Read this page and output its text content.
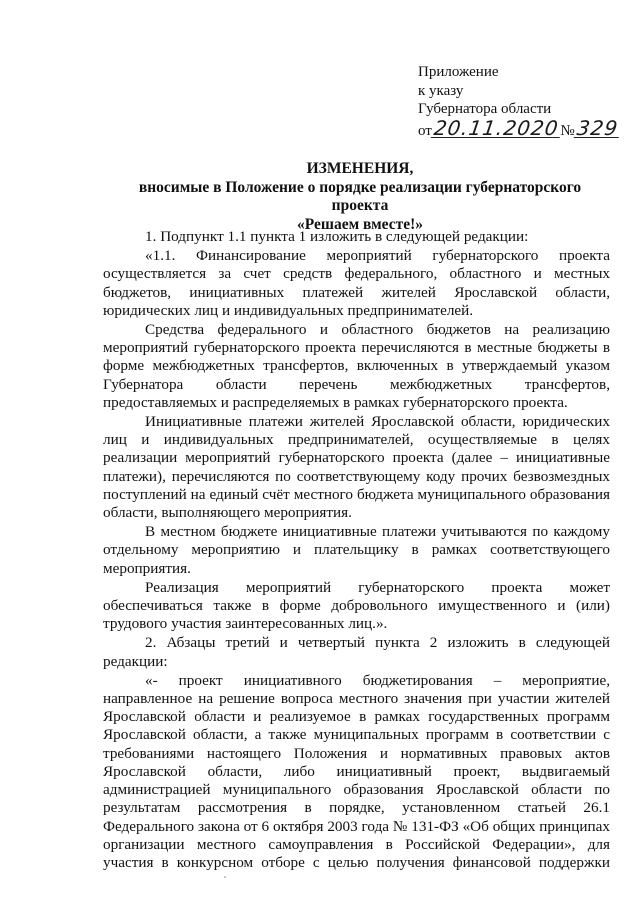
Приложение
к указу
Губернатора области
от20.11.2020№329
ИЗМЕНЕНИЯ,
вносимые в Положение о порядке реализации губернаторского проекта
«Решаем вместе!»

1. Подпункт 1.1 пункта 1 изложить в следующей редакции:

«1.1. Финансирование мероприятий губернаторского проекта осуществляется за счет средств федерального, областного и местных бюджетов, инициативных платежей жителей Ярославской области, юридических лиц и индивидуальных предпринимателей.

Средства федерального и областного бюджетов на реализацию мероприятий губернаторского проекта перечисляются в местные бюджеты в форме межбюджетных трансфертов, включенных в утверждаемый указом Губернатора области перечень межбюджетных трансфертов, предоставляемых и распределяемых в рамках губернаторского проекта.

Инициативные платежи жителей Ярославской области, юридических лиц и индивидуальных предпринимателей, осуществляемые в целях реализации мероприятий губернаторского проекта (далее – инициативные платежи), перечисляются по соответствующему коду прочих безвозмездных поступлений на единый счёт местного бюджета муниципального образования области, выполняющего мероприятия.

В местном бюджете инициативные платежи учитываются по каждому отдельному мероприятию и плательщику в рамках соответствующего мероприятия.

Реализация мероприятий губернаторского проекта может обеспечиваться также в форме добровольного имущественного и (или) трудового участия заинтересованных лиц.».

2. Абзацы третий и четвертый пункта 2 изложить в следующей редакции:

«- проект инициативного бюджетирования – мероприятие, направленное на решение вопроса местного значения при участии жителей Ярославской области и реализуемое в рамках государственных программ Ярославской области, а также муниципальных программ в соответствии с требованиями настоящего Положения и нормативных правовых актов Ярославской области, либо инициативный проект, выдвигаемый администрацией муниципального образования Ярославской области по результатам рассмотрения в порядке, установленном статьей 26.1 Федерального закона от 6 октября 2003 года № 131-ФЗ «Об общих принципах организации местного самоуправления в Российской Федерации», для участия в конкурсном отборе с целью получения финансовой поддержки
